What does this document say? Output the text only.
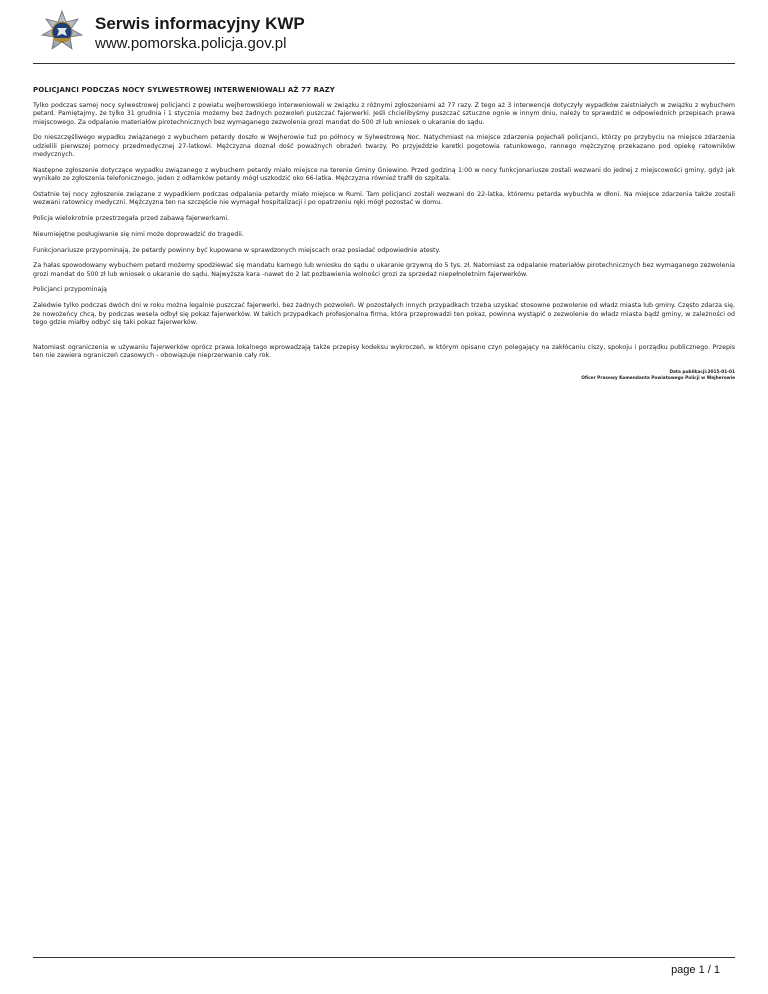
Serwis informacyjny KWP
www.pomorska.policja.gov.pl
POLICJANCI PODCZAS NOCY SYLWESTROWEJ INTERWENIOWALI AŻ 77 RAZY

Tylko podczas samej nocy sylwestrowej policjanci z powiatu wejherowskiego interweniowali w związku z różnymi zgłoszeniami aż 77 razy. Z tego aż 3 interwencje dotyczyły wypadków zaistniałych w związku z wybuchem petard. Pamiętajmy, że tylko 31 grudnia i 1 stycznia możemy bez żadnych pozwoleń puszczać fajerwerki. Jeśli chcielibyśmy puszczać sztuczne ognie w innym dniu, należy to sprawdzić w odpowiednich przepisach prawa miejscowego. Za odpalanie materiałów pirotechnicznych bez wymaganego zezwolenia grozi mandat do 500 zł lub wniosek o ukaranie do sądu.

Do nieszczęśliwego wypadku związanego z wybuchem petardy doszło w Wejherowie tuż po północy w Sylwestrową Noc. Natychmiast na miejsce zdarzenia pojechali policjanci, którzy po przybyciu na miejsce zdarzenia udzielili pierwszej pomocy przedmedycznej 27-latkowi. Mężczyzna doznał dość poważnych obrażeń twarzy. Po przyjeździe karetki pogotowia ratunkowego, rannego mężczyznę przekazano pod opiekę ratowników medycznych.

Następne zgłoszenie dotyczące wypadku związanego z wybuchem petardy miało miejsce na terenie Gminy Gniewino. Przed godziną 1:00 w nocy funkcjonariusze zostali wezwani do jednej z miejscowości gminy, gdyż jak wynikało ze zgłoszenia telefonicznego, jeden z odłamków petardy mógł uszkodzić oko 66-latka. Mężczyzna również trafił do szpitala.

Ostatnie tej nocy zgłoszenie związane z wypadkiem podczas odpalania petardy miało miejsce w Rumi. Tam policjanci zostali wezwani do 22-latka, któremu petarda wybuchła w dłoni. Na miejsce zdarzenia także zostali wezwani ratownicy medyczni. Mężczyzna ten na szczęście nie wymagał hospitalizacji i po opatrzeniu ręki mógł pozostać w domu.

Policja wielokrotnie przestrzegała przed zabawą fajerwerkami.

Nieumiejętne posługiwanie się nimi może doprowadzić do tragedii.

Funkcjonariusze przypominają, że petardy powinny być kupowane w sprawdzonych miejscach oraz posiadać odpowiednie atesty.

Za hałas spowodowany wybuchem petard możemy spodziewać się mandatu karnego lub wniosku do sądu o ukaranie grzywną do 5 tys. zł. Natomiast za odpalanie materiałów pirotechnicznych bez wymaganego zezwolenia grozi mandat do 500 zł lub wniosek o ukaranie do sądu. Najwyższa kara -nawet do 2 lat pozbawienia wolności grozi za sprzedaż niepełnoletnim fajerwerków.

Policjanci przypominają

Zaledwie tylko podczas dwóch dni w roku można legalnie puszczać fajerwerki, bez żadnych pozwoleń. W pozostałych innych przypadkach trzeba uzyskać stosowne pozwolenie od władz miasta lub gminy. Często zdarza się, że nowożeńcy chcą, by podczas wesela odbył się pokaz fajerwerków. W takich przypadkach profesjonalna firma, która przeprowadzi ten pokaz, powinna wystąpić o zezwolenie do władz miasta bądź gminy, w zależności od tego gdzie miałby odbyć się taki pokaz fajerwerków.

Natomiast ograniczenia w używaniu fajerwerków oprócz prawa lokalnego wprowadzają także przepisy kodeksu wykroczeń, w którym opisano czyn polegający na zakłócaniu ciszy, spokoju i porządku publicznego. Przepis ten nie zawiera ograniczeń czasowych - obowiązuje nieprzerwanie cały rok.

Data publikacji:2015-01-01
Oficer Prasowy Komendanta Powiatowego Policji w Wejherowie
page 1 / 1
